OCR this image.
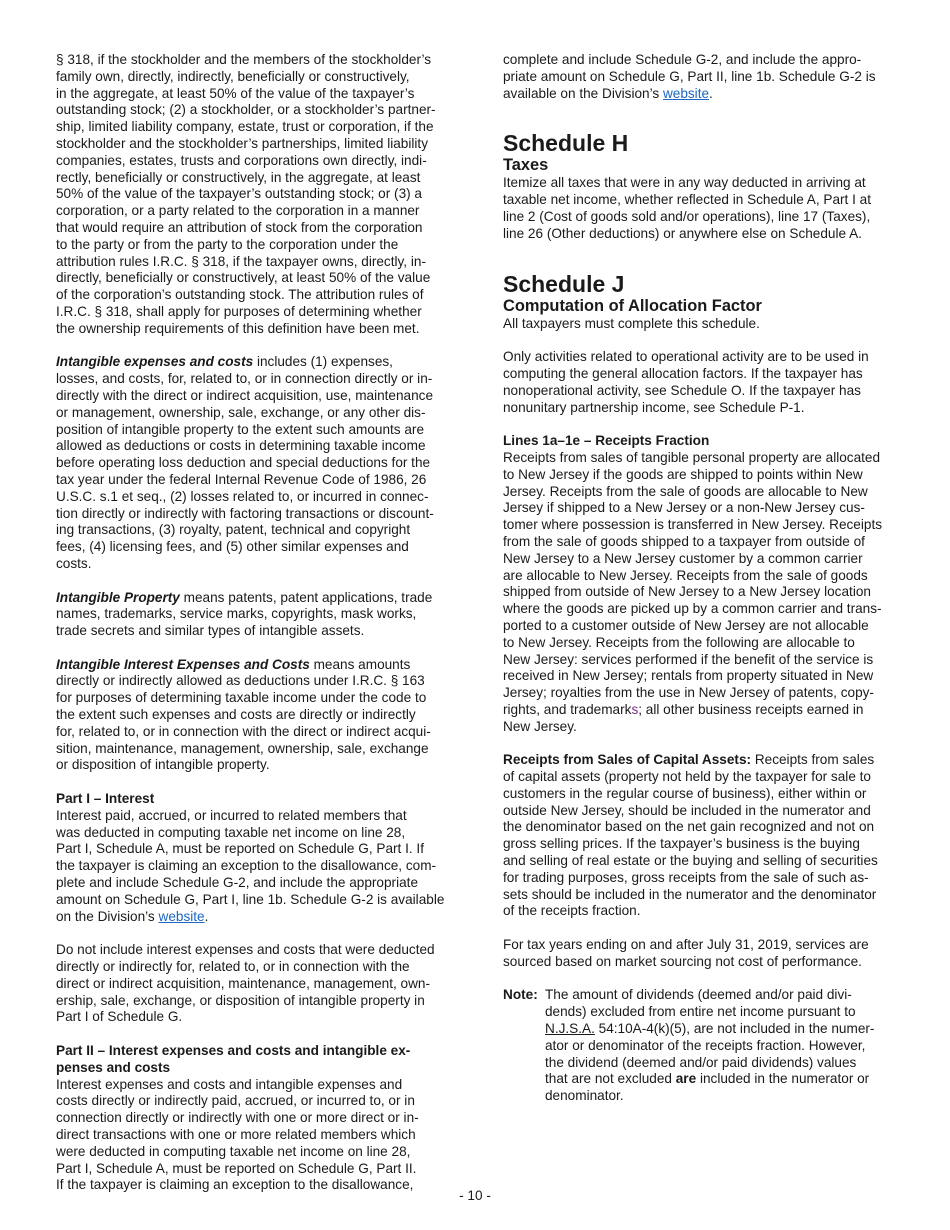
§ 318, if the stockholder and the members of the stockholder’s
family own, directly, indirectly, beneficially or constructively,
in the aggregate, at least 50% of the value of the taxpayer’s
outstanding stock; (2) a stockholder, or a stockholder’s partner-
ship, limited liability company, estate, trust or corporation, if the
stockholder and the stockholder’s partnerships, limited liability
companies, estates, trusts and corporations own directly, indi-
rectly, beneficially or constructively, in the aggregate, at least
50% of the value of the taxpayer’s outstanding stock; or (3) a
corporation, or a party related to the corporation in a manner
that would require an attribution of stock from the corporation
to the party or from the party to the corporation under the
attribution rules I.R.C. § 318, if the taxpayer owns, directly, in-
directly, beneficially or constructively, at least 50% of the value
of the corporation’s outstanding stock. The attribution rules of
I.R.C. § 318, shall apply for purposes of determining whether
the ownership requirements of this definition have been met.

Intangible expenses and costs includes (1) expenses,
losses, and costs, for, related to, or in connection directly or in-
directly with the direct or indirect acquisition, use, maintenance
or management, ownership, sale, exchange, or any other dis-
position of intangible property to the extent such amounts are
allowed as deductions or costs in determining taxable income
before operating loss deduction and special deductions for the
tax year under the federal Internal Revenue Code of 1986, 26
U.S.C. s.1 et seq., (2) losses related to, or incurred in connec-
tion directly or indirectly with factoring transactions or discount-
ing transactions, (3) royalty, patent, technical and copyright
fees, (4) licensing fees, and (5) other similar expenses and
costs.

Intangible Property means patents, patent applications, trade
names, trademarks, service marks, copyrights, mask works,
trade secrets and similar types of intangible assets.

Intangible Interest Expenses and Costs means amounts
directly or indirectly allowed as deductions under I.R.C. § 163
for purposes of determining taxable income under the code to
the extent such expenses and costs are directly or indirectly
for, related to, or in connection with the direct or indirect acqui-
sition, maintenance, management, ownership, sale, exchange
or disposition of intangible property.

Part I – Interest

Interest paid, accrued, or incurred to related members that
was deducted in computing taxable net income on line 28,
Part I, Schedule A, must be reported on Schedule G, Part I. If
the taxpayer is claiming an exception to the disallowance, com-
plete and include Schedule G-2, and include the appropriate
amount on Schedule G, Part I, line 1b. Schedule G-2 is available
on the Division’s website.

Do not include interest expenses and costs that were deducted
directly or indirectly for, related to, or in connection with the
direct or indirect acquisition, maintenance, management, own-
ership, sale, exchange, or disposition of intangible property in
Part I of Schedule G.

Part II – Interest expenses and costs and intangible ex-
penses and costs

Interest expenses and costs and intangible expenses and
costs directly or indirectly paid, accrued, or incurred to, or in
connection directly or indirectly with one or more direct or in-
direct transactions with one or more related members which
were deducted in computing taxable net income on line 28,
Part I, Schedule A, must be reported on Schedule G, Part II.
If the taxpayer is claiming an exception to the disallowance,

complete and include Schedule G-2, and include the appro-
priate amount on Schedule G, Part II, line 1b. Schedule G-2 is
available on the Division’s website.

Schedule H
Taxes

Itemize all taxes that were in any way deducted in arriving at
taxable net income, whether reflected in Schedule A, Part I at
line 2 (Cost of goods sold and/or operations), line 17 (Taxes),
line 26 (Other deductions) or anywhere else on Schedule A.

Schedule J
Computation of Allocation Factor

All taxpayers must complete this schedule.

Only activities related to operational activity are to be used in
computing the general allocation factors. If the taxpayer has
nonoperational activity, see Schedule O. If the taxpayer has
nonunitary partnership income, see Schedule P-1.

Lines 1a–1e – Receipts Fraction

Receipts from sales of tangible personal property are allocated
to New Jersey if the goods are shipped to points within New
Jersey. Receipts from the sale of goods are allocable to New
Jersey if shipped to a New Jersey or a non-New Jersey cus-
tomer where possession is transferred in New Jersey. Receipts
from the sale of goods shipped to a taxpayer from outside of
New Jersey to a New Jersey customer by a common carrier
are allocable to New Jersey. Receipts from the sale of goods
shipped from outside of New Jersey to a New Jersey location
where the goods are picked up by a common carrier and trans-
ported to a customer outside of New Jersey are not allocable
to New Jersey. Receipts from the following are allocable to
New Jersey: services performed if the benefit of the service is
received in New Jersey; rentals from property situated in New
Jersey; royalties from the use in New Jersey of patents, copy-
rights, and trademarks; all other business receipts earned in
New Jersey.

Receipts from Sales of Capital Assets: Receipts from sales
of capital assets (property not held by the taxpayer for sale to
customers in the regular course of business), either within or
outside New Jersey, should be included in the numerator and
the denominator based on the net gain recognized and not on
gross selling prices. If the taxpayer’s business is the buying
and selling of real estate or the buying and selling of securities
for trading purposes, gross receipts from the sale of such as-
sets should be included in the numerator and the denominator
of the receipts fraction.

For tax years ending on and after July 31, 2019, services are
sourced based on market sourcing not cost of performance.

Note: The amount of dividends (deemed and/or paid divi-
dends) excluded from entire net income pursuant to
N.J.S.A. 54:10A-4(k)(5), are not included in the numer-
ator or denominator of the receipts fraction. However,
the dividend (deemed and/or paid dividends) values
that are not excluded are included in the numerator or
denominator.
- 10 -
